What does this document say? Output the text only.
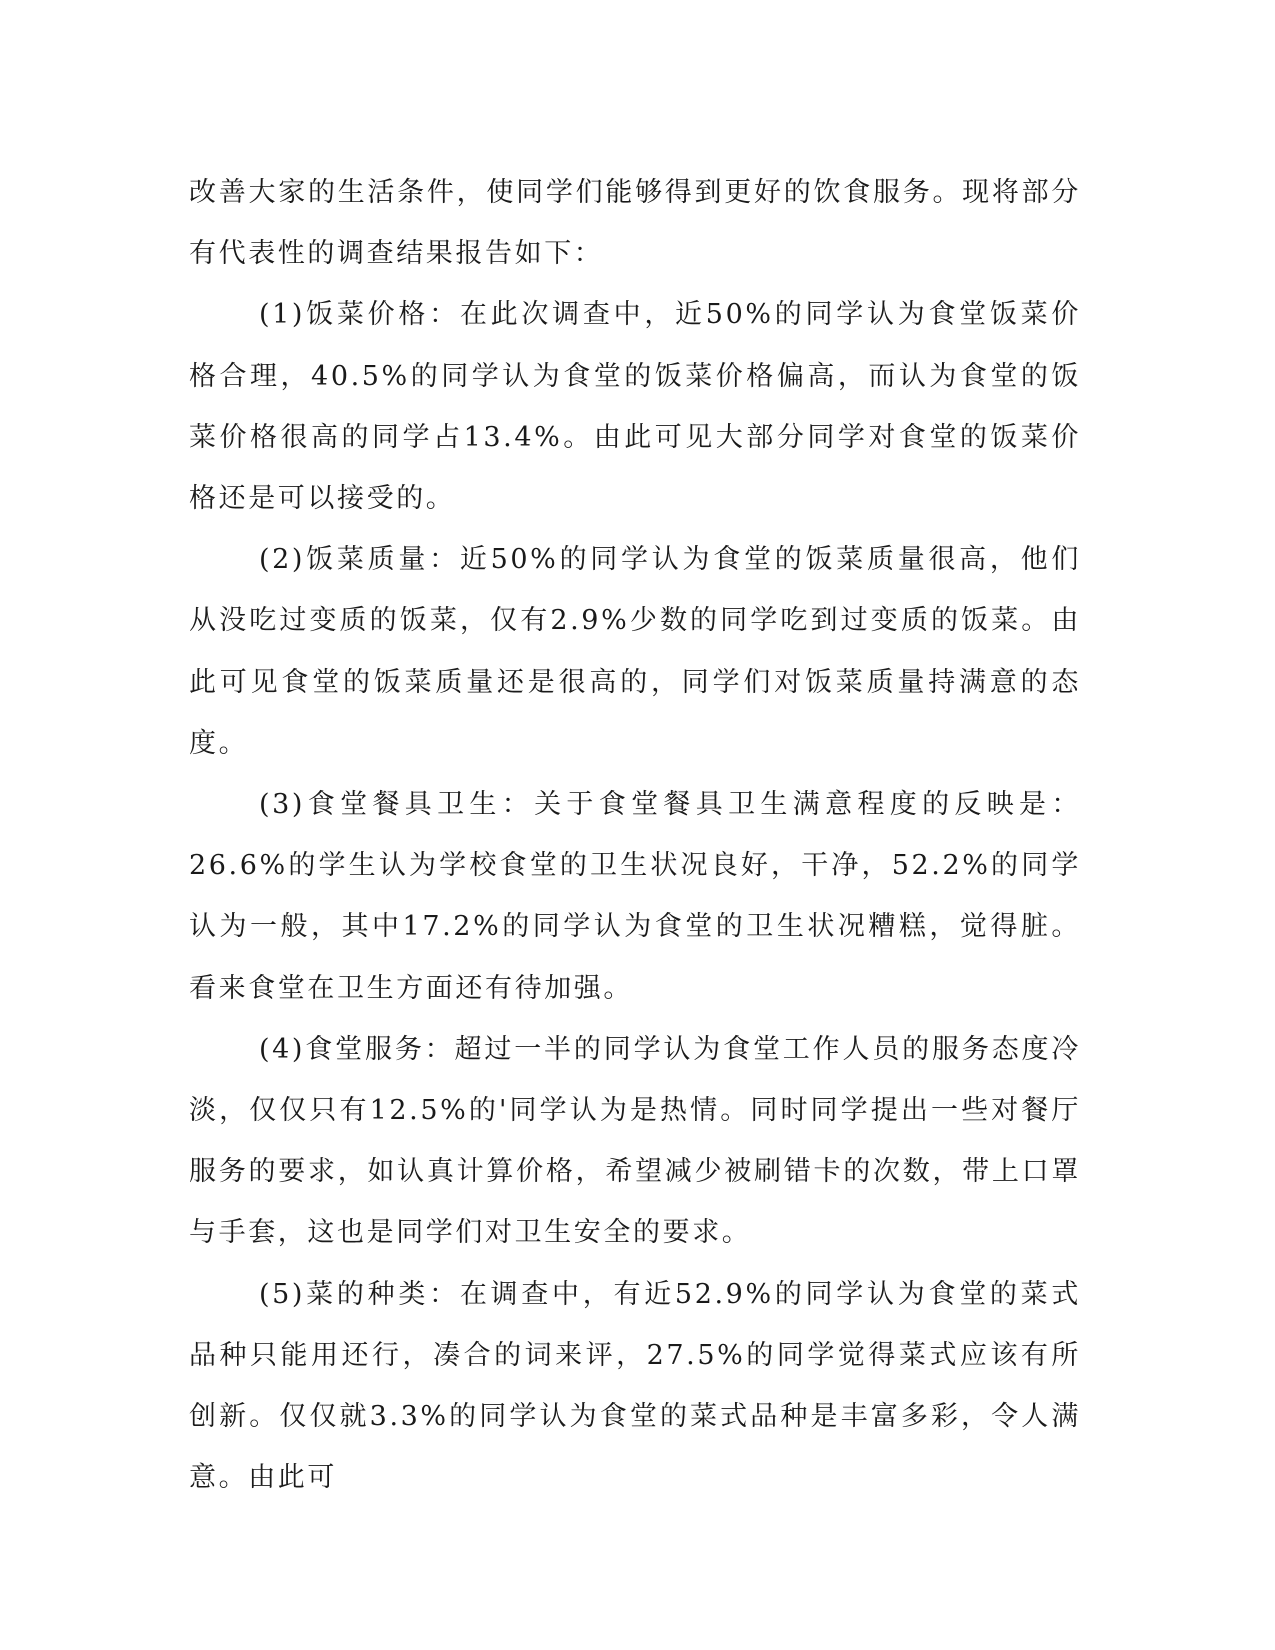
改善大家的生活条件，使同学们能够得到更好的饮食服务。现将部分有代表性的调查结果报告如下：

(1)饭菜价格：在此次调查中，近50%的同学认为食堂饭菜价格合理，40.5%的同学认为食堂的饭菜价格偏高，而认为食堂的饭菜价格很高的同学占13.4%。由此可见大部分同学对食堂的饭菜价格还是可以接受的。

(2)饭菜质量：近50%的同学认为食堂的饭菜质量很高，他们从没吃过变质的饭菜，仅有2.9%少数的同学吃到过变质的饭菜。由此可见食堂的饭菜质量还是很高的，同学们对饭菜质量持满意的态度。

(3)食堂餐具卫生：关于食堂餐具卫生满意程度的反映是：26.6%的学生认为学校食堂的卫生状况良好，干净，52.2%的同学认为一般，其中17.2%的同学认为食堂的卫生状况糟糕，觉得脏。看来食堂在卫生方面还有待加强。

(4)食堂服务：超过一半的同学认为食堂工作人员的服务态度冷淡，仅仅只有12.5%的'同学认为是热情。同时同学提出一些对餐厅服务的要求，如认真计算价格，希望减少被刷错卡的次数，带上口罩与手套，这也是同学们对卫生安全的要求。

(5)菜的种类：在调查中，有近52.9%的同学认为食堂的菜式品种只能用还行，凑合的词来评，27.5%的同学觉得菜式应该有所创新。仅仅就3.3%的同学认为食堂的菜式品种是丰富多彩，令人满意。由此可
